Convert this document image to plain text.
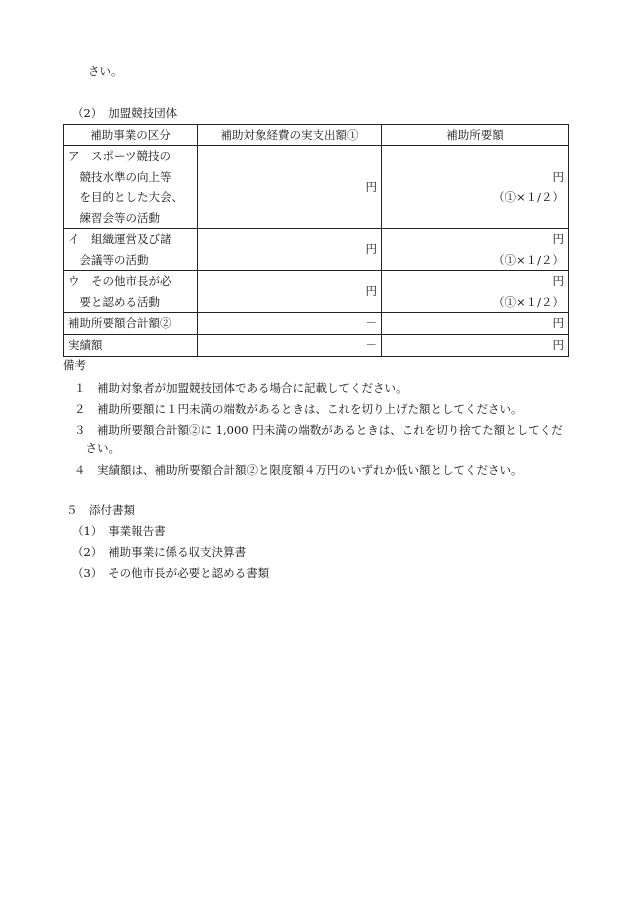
さい。
（2）　加盟競技団体
補助事業の区分	補助対象経費の実支出額①	補助所要額

ア　スポーツ競技の
　競技水準の向上等
　を目的とした大会、
　練習会等の活動	円	円
（①×１/２）

イ　組織運営及び諸
　会議等の活動	円	円
（①×１/２）

ウ　その他市長が必
　要と認める活動	円	円
（①×１/２）

補助所要額合計額②	－	円
実績額	－	円
備考
１　補助対象者が加盟競技団体である場合に記載してください。
２　補助所要額に１円未満の端数があるときは、これを切り上げた額としてください。
３　補助所要額合計額②に 1,000 円未満の端数があるときは、これを切り捨てた額としてくだ
　さい。
４　実績額は、補助所要額合計額②と限度額４万円のいずれか低い額としてください。
５　添付書類
（1）　事業報告書
（2）　補助事業に係る収支決算書
（3）　その他市長が必要と認める書類
